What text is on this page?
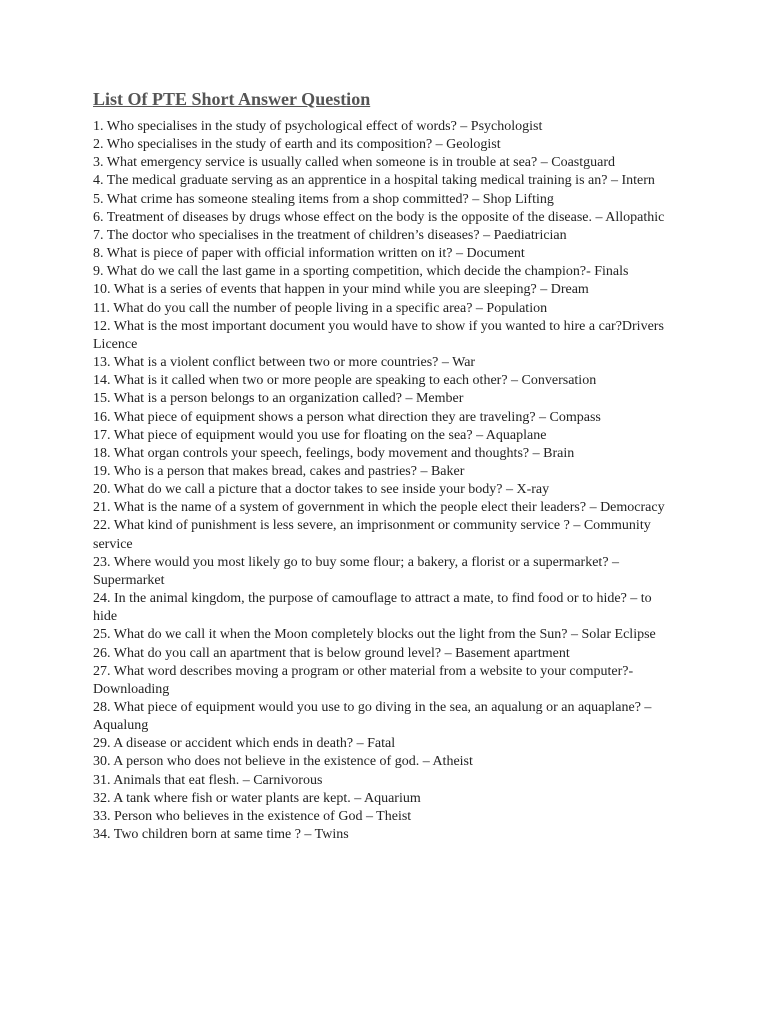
List Of PTE Short Answer Question
1. Who specialises in the study of psychological effect of words? – Psychologist
2. Who specialises in the study of earth and its composition? – Geologist
3. What emergency service is usually called when someone is in trouble at sea? – Coastguard
4. The medical graduate serving as an apprentice in a hospital taking medical training is an? – Intern
5. What crime has someone stealing items from a shop committed? – Shop Lifting
6. Treatment of diseases by drugs whose effect on the body is the opposite of the disease. – Allopathic
7. The doctor who specialises in the treatment of children’s diseases? – Paediatrician
8. What is piece of paper with official information written on it? – Document
9. What do we call the last game in a sporting competition, which decide the champion?- Finals
10. What is a series of events that happen in your mind while you are sleeping? – Dream
11. What do you call the number of people living in a specific area? – Population
12. What is the most important document you would have to show if you wanted to hire a car?Drivers Licence
13. What is a violent conflict between two or more countries? – War
14. What is it called when two or more people are speaking to each other? – Conversation
15. What is a person belongs to an organization called? – Member
16. What piece of equipment shows a person what direction they are traveling? – Compass
17. What piece of equipment would you use for floating on the sea? – Aquaplane
18. What organ controls your speech, feelings, body movement and thoughts? – Brain
19. Who is a person that makes bread, cakes and pastries? – Baker
20. What do we call a picture that a doctor takes to see inside your body? – X-ray
21. What is the name of a system of government in which the people elect their leaders? – Democracy
22. What kind of punishment is less severe, an imprisonment or community service ? – Community service
23. Where would you most likely go to buy some flour; a bakery, a florist or a supermarket? – Supermarket
24. In the animal kingdom, the purpose of camouflage to attract a mate, to find food or to hide? – to hide
25. What do we call it when the Moon completely blocks out the light from the Sun? – Solar Eclipse
26. What do you call an apartment that is below ground level? – Basement apartment
27. What word describes moving a program or other material from a website to your computer?- Downloading
28. What piece of equipment would you use to go diving in the sea, an aqualung or an aquaplane? – Aqualung
29. A disease or accident which ends in death? – Fatal
30. A person who does not believe in the existence of god. – Atheist
31. Animals that eat flesh. – Carnivorous
32. A tank where fish or water plants are kept. – Aquarium
33. Person who believes in the existence of God – Theist
34. Two children born at same time ? – Twins
